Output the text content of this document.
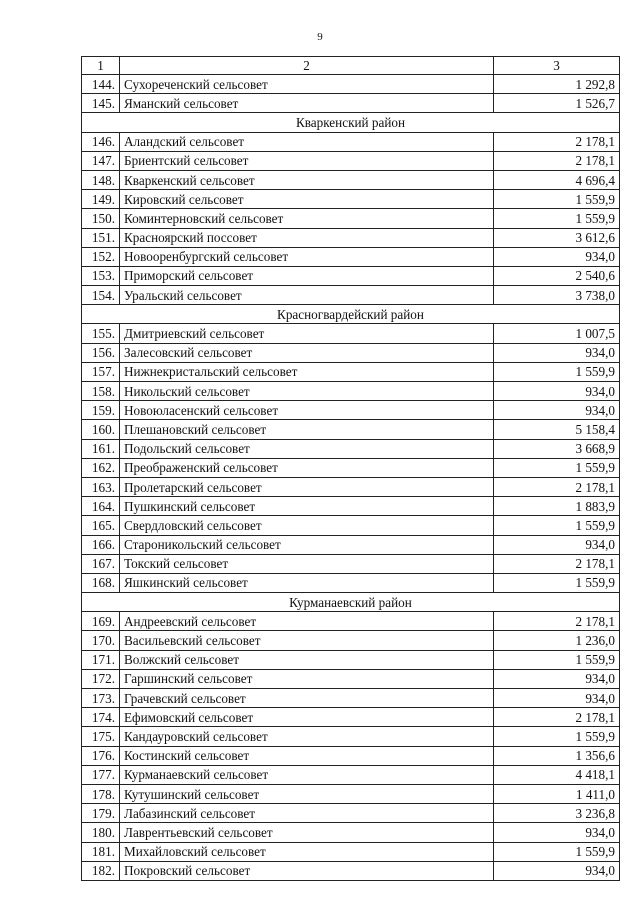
9
1	2	3
144.	Сухореченский сельсовет	1 292,8
145.	Яманский сельсовет	1 526,7
Кваркенский район		
146.	Аландский сельсовет	2 178,1
147.	Бриентский сельсовет	2 178,1
148.	Кваркенский сельсовет	4 696,4
149.	Кировский сельсовет	1 559,9
150.	Коминтерновский сельсовет	1 559,9
151.	Красноярский поссовет	3 612,6
152.	Новооренбургский сельсовет	934,0
153.	Приморский сельсовет	2 540,6
154.	Уральский сельсовет	3 738,0
Красногвардейский район		
155.	Дмитриевский сельсовет	1 007,5
156.	Залесовский сельсовет	934,0
157.	Нижнекристальский сельсовет	1 559,9
158.	Никольский сельсовет	934,0
159.	Новоюласенский сельсовет	934,0
160.	Плешановский сельсовет	5 158,4
161.	Подольский сельсовет	3 668,9
162.	Преображенский сельсовет	1 559,9
163.	Пролетарский сельсовет	2 178,1
164.	Пушкинский сельсовет	1 883,9
165.	Свердловский сельсовет	1 559,9
166.	Староникольский сельсовет	934,0
167.	Токский сельсовет	2 178,1
168.	Яшкинский сельсовет	1 559,9
Курманаевский район		
169.	Андреевский сельсовет	2 178,1
170.	Васильевский сельсовет	1 236,0
171.	Волжский сельсовет	1 559,9
172.	Гаршинский сельсовет	934,0
173.	Грачевский сельсовет	934,0
174.	Ефимовский сельсовет	2 178,1
175.	Кандауровский сельсовет	1 559,9
176.	Костинский сельсовет	1 356,6
177.	Курманаевский сельсовет	4 418,1
178.	Кутушинский сельсовет	1 411,0
179.	Лабазинский сельсовет	3 236,8
180.	Лаврентьевский сельсовет	934,0
181.	Михайловский сельсовет	1 559,9
182.	Покровский сельсовет	934,0
